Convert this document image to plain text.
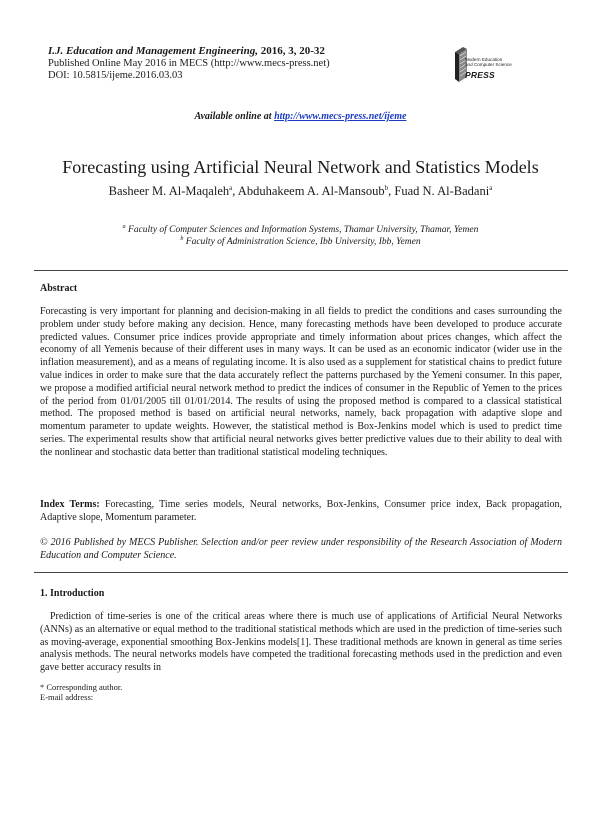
I.J. Education and Management Engineering, 2016, 3, 20-32
Published Online May 2016 in MECS (http://www.mecs-press.net)
DOI: 10.5815/ijeme.2016.03.03
Modern Education
and Computer Science
PRESS
Available online at http://www.mecs-press.net/ijeme
Forecasting using Artificial Neural Network and Statistics Models
Basheer M. Al-Maqaleh$^a$, Abduhakeem A. Al-Mansoub$^b$, Fuad N. Al-Badani$^a$
$^a$ Faculty of Computer Sciences and Information Systems, Thamar University, Thamar, Yemen
$^b$ Faculty of Administration Science, Ibb University, Ibb, Yemen
Abstract
Forecasting is very important for planning and decision-making in all fields to predict the conditions and cases surrounding the problem under study before making any decision. Hence, many forecasting methods have been developed to produce accurate predicted values. Consumer price indices provide appropriate and timely information about prices changes, which affect the economy of all Yemenis because of their different uses in many ways. It can be used as an economic indicator (wider use in the inflation measurement), and as a means of regulating income. It is also used as a supplement for statistical chains to predict future value indices in order to make sure that the data accurately reflect the patterns purchased by the Yemeni consumer. In this paper, we propose a modified artificial neural network method to predict the indices of consumer in the Republic of Yemen to the prices of the period from 01/01/2005 till 01/01/2014. The results of using the proposed method is compared to a classical statistical method. The proposed method is based on artificial neural networks, namely, back propagation with adaptive slope and momentum parameter to update weights. However, the statistical method is Box-Jenkins model which is used to predict time series. The experimental results show that artificial neural networks gives better predictive values due to their ability to deal with the nonlinear and stochastic data better than traditional statistical modeling techniques.
Index Terms: Forecasting, Time series models, Neural networks, Box-Jenkins, Consumer price index, Back propagation, Adaptive slope, Momentum parameter.
© 2016 Published by MECS Publisher. Selection and/or peer review under responsibility of the Research Association of Modern Education and Computer Science.
1. Introduction
Prediction of time-series is one of the critical areas where there is much use of applications of Artificial Neural Networks (ANNs) as an alternative or equal method to the traditional statistical methods which are used in the prediction of time-series such as moving-average, exponential smoothing Box-Jenkins models[1]. These traditional methods are known in general as time series analysis methods. The neural networks models have competed the traditional forecasting methods used in the prediction and even gave better accuracy results in
* Corresponding author.
E-mail address:
